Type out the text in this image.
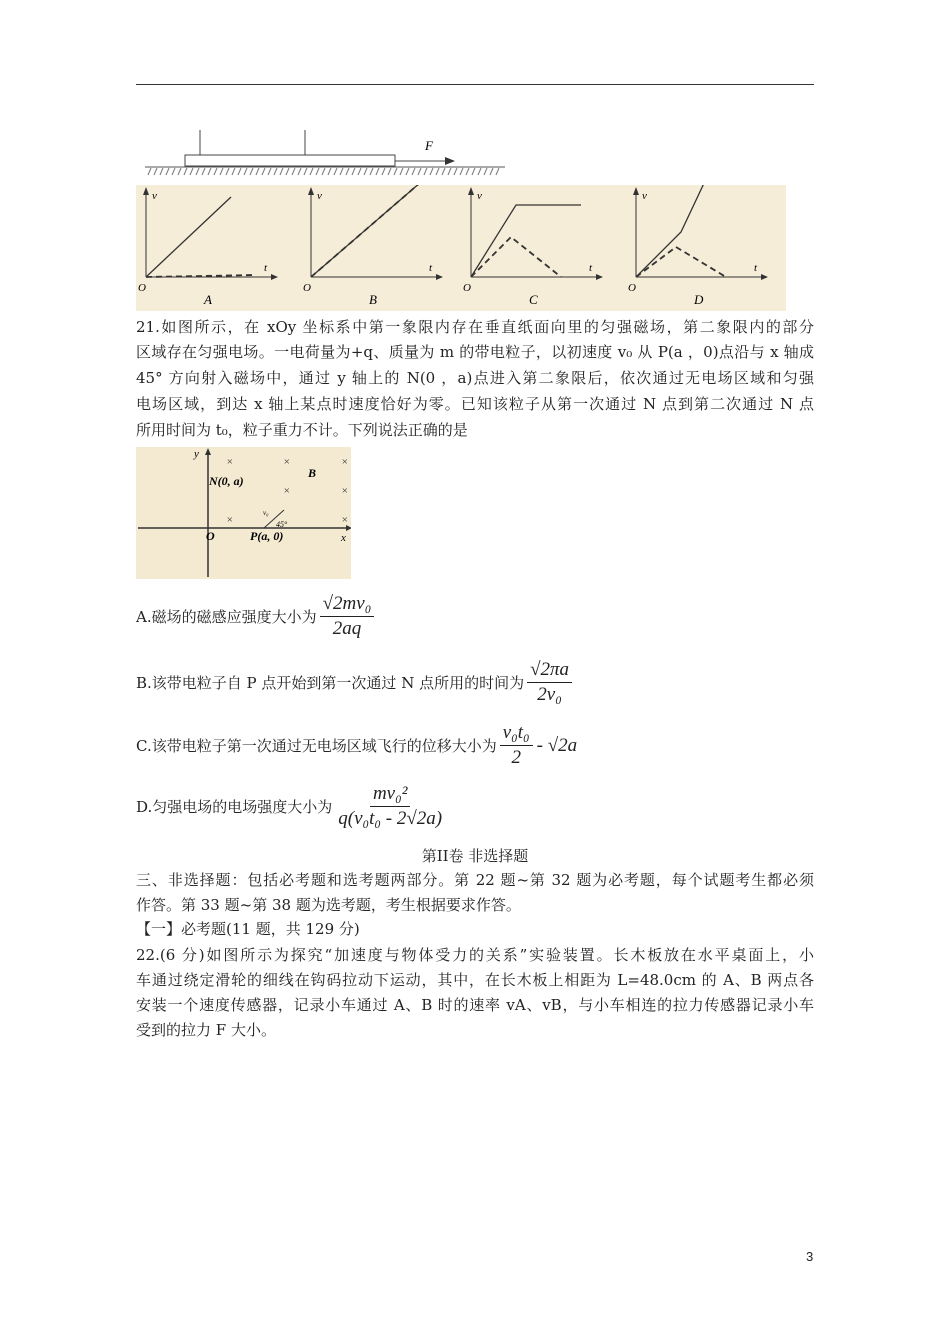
F
v
t
O
A
v
t
O
B
v
t
O
C
v
t
O
D
21.如图所示，在 xOy 坐标系中第一象限内存在垂直纸面向里的匀强磁场，第二象限内的部分
区域存在匀强电场。一电荷量为+q、质量为 m 的带电粒子，以初速度 v₀ 从 P(a ，0)点沿与 x 轴成
45° 方向射入磁场中，通过 y 轴上的 N(0 ，a)点进入第二象限后，依次通过无电场区域和匀强
电场区域，到达 x 轴上某点时速度恰好为零。已知该粒子从第一次通过 N 点到第二次通过 N 点
所用时间为 t₀，粒子重力不计。下列说法正确的是
y
x
O
N(0, a)
P(a, 0)
B
45°
v₀
×	×	×
×	×
×	×
A.磁场的磁感应强度大小为 $\frac{\text{√2mv₀}}{2aq}$
B.该带电粒子自 P 点开始到第一次通过 N 点所用的时间为 $\frac{√2\pi a}{\text{2v₀}}$
C.该带电粒子第一次通过无电场区域飞行的位移大小为 $\frac{\text{v₀t₀}}{2} - √2a$
D.匀强电场的电场强度大小为 $\frac{\text{mv₀²}}{\text{q(v₀t₀ - 2√2a)}}$
第II卷 非选择题
三、非选择题：包括必考题和选考题两部分。第 22 题~第 32 题为必考题，每个试题考生都必须
作答。第 33 题~第 38 题为选考题，考生根据要求作答。
【一】必考题(11 题，共 129 分)
22.(6 分)如图所示为探究“加速度与物体受力的关系”实验装置。长木板放在水平桌面上，小
车通过绕定滑轮的细线在钩码拉动下运动，其中，在长木板上相距为 L=48.0cm 的 A、B 两点各
安装一个速度传感器，记录小车通过 A、B 时的速率 vA、vB，与小车相连的拉力传感器记录小车
受到的拉力 F 大小。
3
